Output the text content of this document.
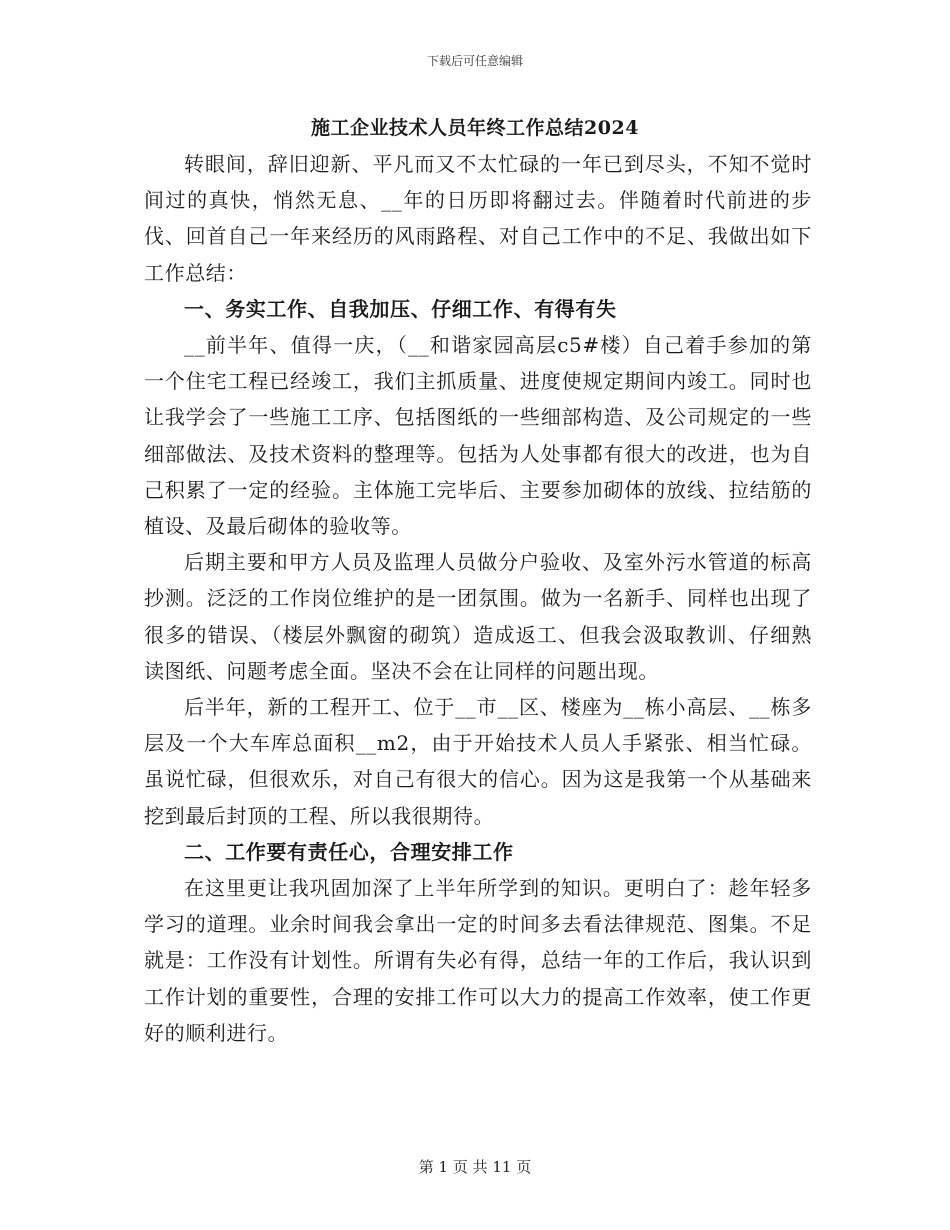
下载后可任意编辑
施工企业技术人员年终工作总结2024

转眼间，辞旧迎新、平凡而又不太忙碌的一年已到尽头，不知不觉时间过的真快，悄然无息、__年的日历即将翻过去。伴随着时代前进的步伐、回首自己一年来经历的风雨路程、对自己工作中的不足、我做出如下工作总结：

一、务实工作、自我加压、仔细工作、有得有失

__前半年、值得一庆，（__和谐家园高层c5#楼）自己着手参加的第一个住宅工程已经竣工，我们主抓质量、进度使规定期间内竣工。同时也让我学会了一些施工工序、包括图纸的一些细部构造、及公司规定的一些细部做法、及技术资料的整理等。包括为人处事都有很大的改进，也为自己积累了一定的经验。主体施工完毕后、主要参加砌体的放线、拉结筋的植设、及最后砌体的验收等。

后期主要和甲方人员及监理人员做分户验收、及室外污水管道的标高抄测。泛泛的工作岗位维护的是一团氛围。做为一名新手、同样也出现了很多的错误、（楼层外飘窗的砌筑）造成返工、但我会汲取教训、仔细熟读图纸、问题考虑全面。坚决不会在让同样的问题出现。

后半年，新的工程开工、位于__市__区、楼座为__栋小高层、__栋多层及一个大车库总面积__m2，由于开始技术人员人手紧张、相当忙碌。虽说忙碌，但很欢乐，对自己有很大的信心。因为这是我第一个从基础来挖到最后封顶的工程、所以我很期待。

二、工作要有责任心，合理安排工作

在这里更让我巩固加深了上半年所学到的知识。更明白了：趁年轻多学习的道理。业余时间我会拿出一定的时间多去看法律规范、图集。不足就是：工作没有计划性。所谓有失必有得，总结一年的工作后，我认识到工作计划的重要性，合理的安排工作可以大力的提高工作效率，使工作更好的顺利进行。

第 1 页 共 11 页
